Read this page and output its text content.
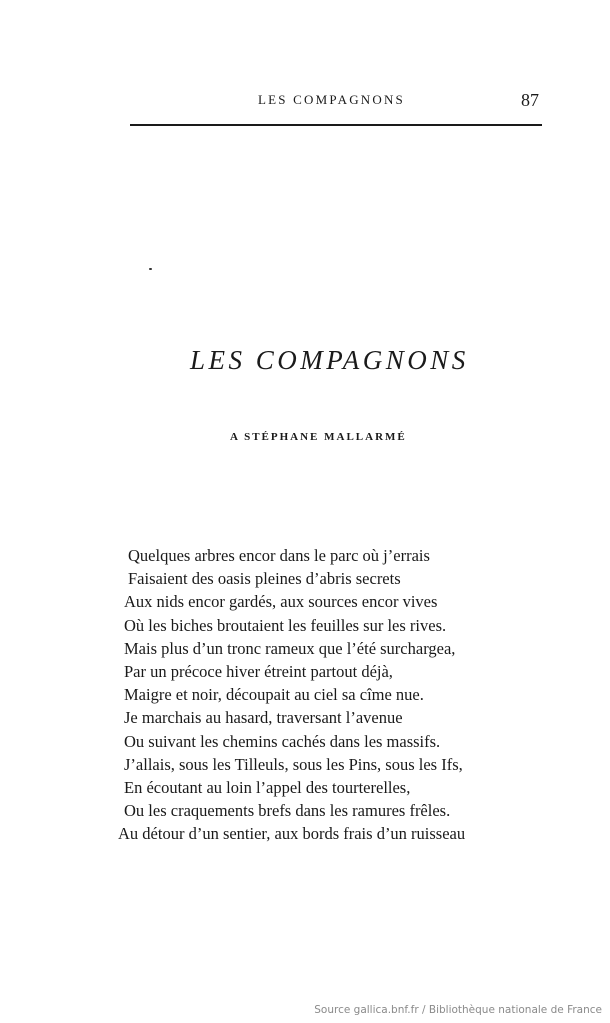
LES COMPAGNONS	87
LES COMPAGNONS
A STÉPHANE MALLARMÉ
Quelques arbres encor dans le parc où j’errais
Faisaient des oasis pleines d’abris secrets
Aux nids encor gardés, aux sources encor vives
Où les biches broutaient les feuilles sur les rives.
Mais plus d’un tronc rameux que l’été surchargea,
Par un précoce hiver étreint partout déjà,
Maigre et noir, découpait au ciel sa cîme nue.
Je marchais au hasard, traversant l’avenue
Ou suivant les chemins cachés dans les massifs.
J’allais, sous les Tilleuls, sous les Pins, sous les Ifs,
En écoutant au loin l’appel des tourterelles,
Ou les craquements brefs dans les ramures frêles.
Au détour d’un sentier, aux bords frais d’un ruisseau
Source gallica.bnf.fr / Bibliothèque nationale de France
